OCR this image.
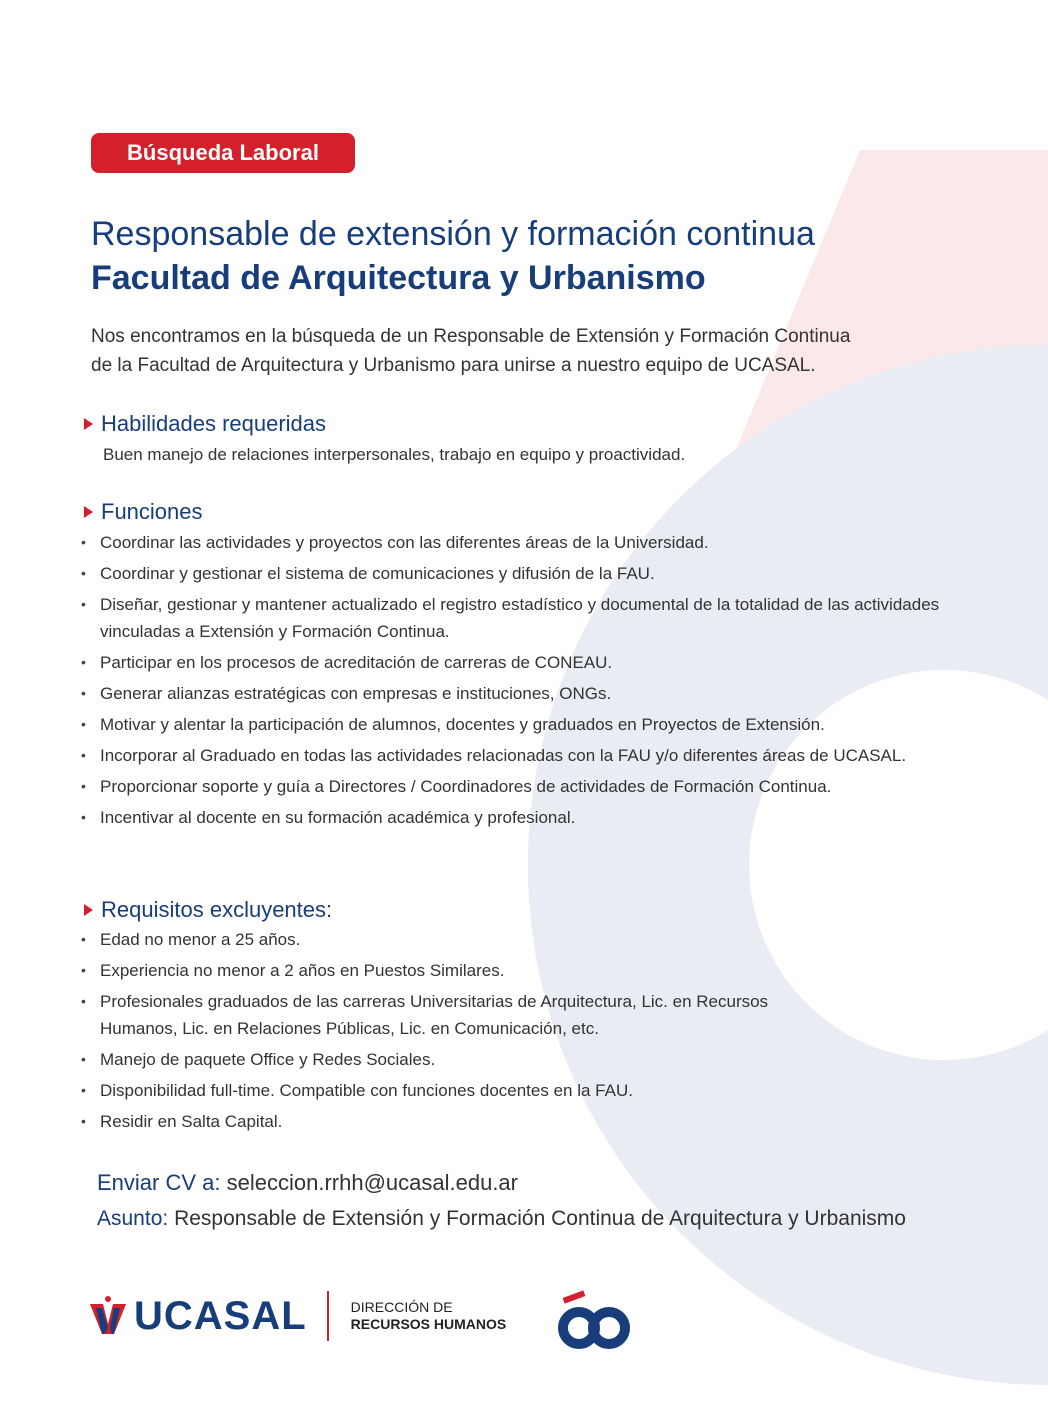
Búsqueda Laboral
Responsable de extensión y formación continua
Facultad de Arquitectura y Urbanismo

Nos encontramos en la búsqueda de un Responsable de Extensión y Formación Continua
de la Facultad de Arquitectura y Urbanismo para unirse a nuestro equipo de UCASAL.

Habilidades requeridas

Buen manejo de relaciones interpersonales, trabajo en equipo y proactividad.

Funciones
• Coordinar las actividades y proyectos con las diferentes áreas de la Universidad.
• Coordinar y gestionar el sistema de comunicaciones y difusión de la FAU.
• Diseñar, gestionar y mantener actualizado el registro estadístico y documental de la totalidad de las actividades vinculadas a Extensión y Formación Continua.
• Participar en los procesos de acreditación de carreras de CONEAU.
• Generar alianzas estratégicas con empresas e instituciones, ONGs.
• Motivar y alentar la participación de alumnos, docentes y graduados en Proyectos de Extensión.
• Incorporar al Graduado en todas las actividades relacionadas con la FAU y/o diferentes áreas de UCASAL.
• Proporcionar soporte y guía a Directores / Coordinadores de actividades de Formación Continua.
• Incentivar al docente en su formación académica y profesional.
Requisitos excluyentes:
• Edad no menor a 25 años.
• Experiencia no menor a 2 años en Puestos Similares.
• Profesionales graduados de las carreras Universitarias de Arquitectura, Lic. en Recursos Humanos, Lic. en Relaciones Públicas, Lic. en Comunicación, etc.
• Manejo de paquete Office y Redes Sociales.
• Disponibilidad full-time. Compatible con funciones docentes en la FAU.
• Residir en Salta Capital.

Enviar CV a: seleccion.rrhh@ucasal.edu.ar

Asunto: Responsable de Extensión y Formación Continua de Arquitectura y Urbanismo

UCASAL	DIRECCIÓN DE
RECURSOS HUMANOS
